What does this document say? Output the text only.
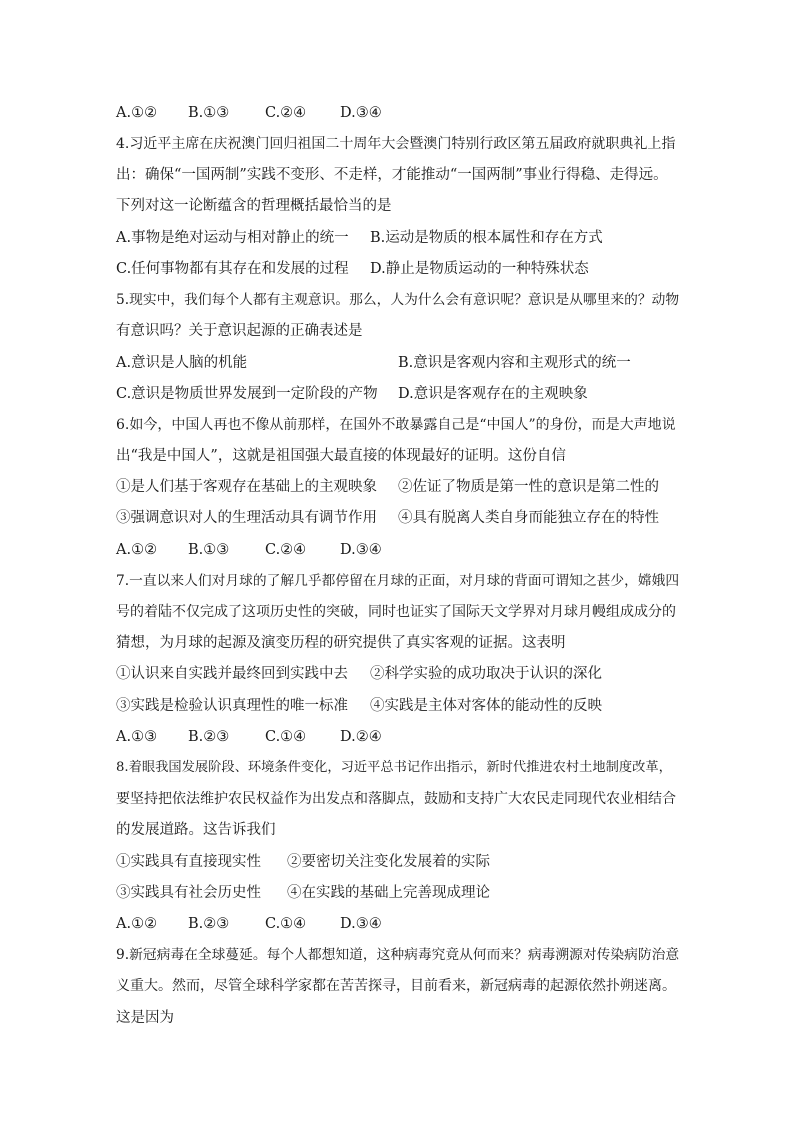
A.①② B.①③ C.②④ D.③④
4.习近平主席在庆祝澳门回归祖国二十周年大会暨澳门特别行政区第五届政府就职典礼上指
出：确保“一国两制”实践不变形、不走样，才能推动“一国两制”事业行得稳、走得远。
下列对这一论断蕴含的哲理概括最恰当的是
A.事物是绝对运动与相对静止的统一 B.运动是物质的根本属性和存在方式
C.任何事物都有其存在和发展的过程 D.静止是物质运动的一种特殊状态
5.现实中，我们每个人都有主观意识。那么，人为什么会有意识呢？意识是从哪里来的？动物
有意识吗？关于意识起源的正确表述是
A.意识是人脑的机能	B.意识是客观内容和主观形式的统一
C.意识是物质世界发展到一定阶段的产物 D.意识是客观存在的主观映象
6.如今，中国人再也不像从前那样，在国外不敢暴露自己是“中国人”的身份，而是大声地说
出“我是中国人”，这就是祖国强大最直接的体现最好的证明。这份自信
①是人们基于客观存在基础上的主观映象 ②佐证了物质是第一性的意识是第二性的
③强调意识对人的生理活动具有调节作用 ④具有脱离人类自身而能独立存在的特性
A.①② B.①③ C.②④ D.③④
7.一直以来人们对月球的了解几乎都停留在月球的正面，对月球的背面可谓知之甚少，嫦娥四
号的着陆不仅完成了这项历史性的突破，同时也证实了国际天文学界对月球月幔组成成分的
猜想，为月球的起源及演变历程的研究提供了真实客观的证据。这表明
①认识来自实践并最终回到实践中去 ②科学实验的成功取决于认识的深化
③实践是检验认识真理性的唯一标准 ④实践是主体对客体的能动性的反映
A.①③ B.②③ C.①④ D.②④
8.着眼我国发展阶段、环境条件变化，习近平总书记作出指示，新时代推进农村土地制度改革，
要坚持把依法维护农民权益作为出发点和落脚点，鼓励和支持广大农民走同现代农业相结合
的发展道路。这告诉我们
①实践具有直接现实性 ②要密切关注变化发展着的实际
③实践具有社会历史性 ④在实践的基础上完善现成理论
A.①② B.②③ C.①④ D.③④
9.新冠病毒在全球蔓延。每个人都想知道，这种病毒究竟从何而来？病毒溯源对传染病防治意
义重大。然而，尽管全球科学家都在苦苦探寻，目前看来，新冠病毒的起源依然扑朔迷离。
这是因为
